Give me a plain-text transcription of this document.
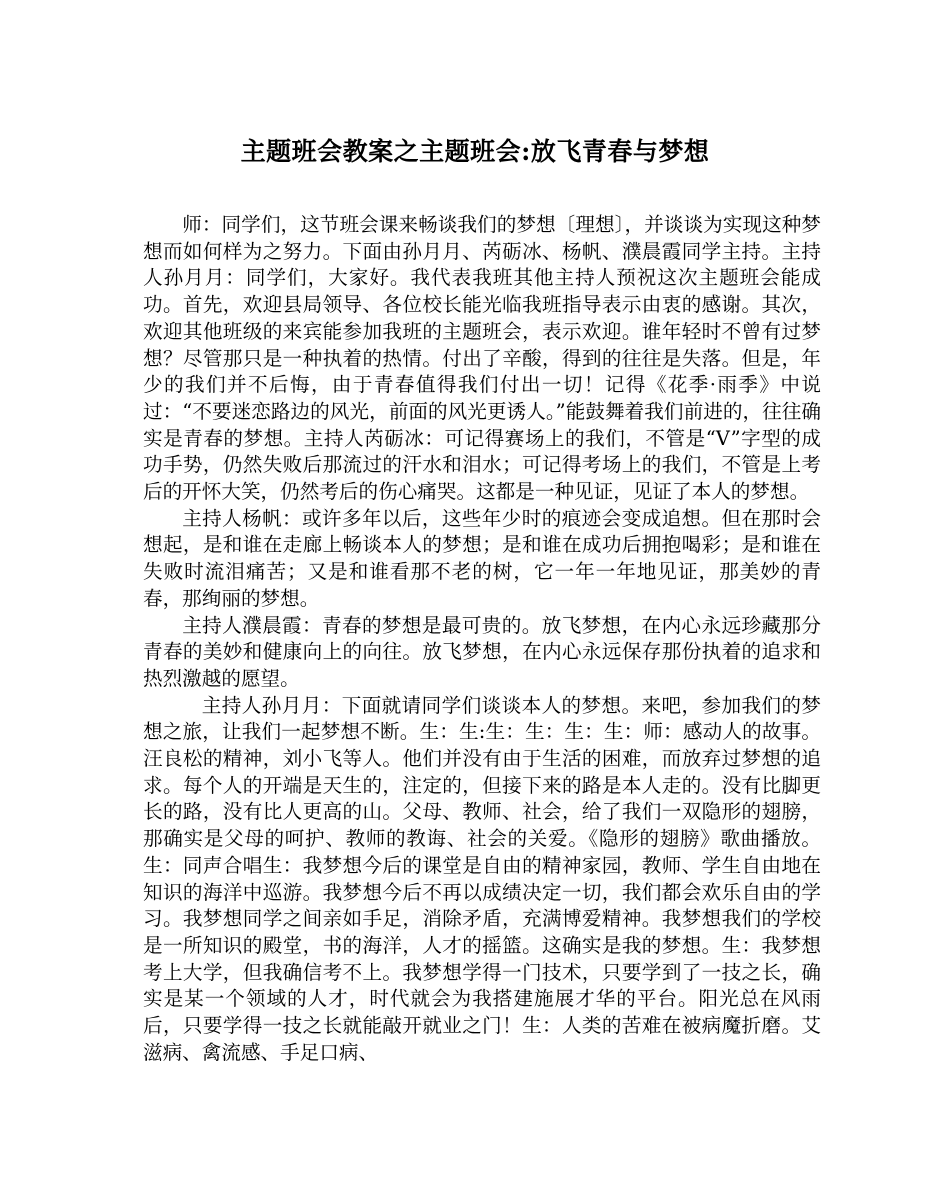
主题班会教案之主题班会:放飞青春与梦想

师：同学们，这节班会课来畅谈我们的梦想〔理想〕，并谈谈为实现这种梦想而如何样为之努力。下面由孙月月、芮砺冰、杨帆、濮晨霞同学主持。主持人孙月月：同学们，大家好。我代表我班其他主持人预祝这次主题班会能成功。首先，欢迎县局领导、各位校长能光临我班指导表示由衷的感谢。其次，欢迎其他班级的来宾能参加我班的主题班会，表示欢迎。谁年轻时不曾有过梦想？尽管那只是一种执着的热情。付出了辛酸，得到的往往是失落。但是，年少的我们并不后悔，由于青春值得我们付出一切！记得《花季·雨季》中说过：“不要迷恋路边的风光，前面的风光更诱人。”能鼓舞着我们前进的，往往确实是青春的梦想。主持人芮砺冰：可记得赛场上的我们，不管是“V”字型的成功手势，仍然失败后那流过的汗水和泪水；可记得考场上的我们，不管是上考后的开怀大笑，仍然考后的伤心痛哭。这都是一种见证，见证了本人的梦想。

主持人杨帆：或许多年以后，这些年少时的痕迹会变成追想。但在那时会想起，是和谁在走廊上畅谈本人的梦想；是和谁在成功后拥抱喝彩；是和谁在失败时流泪痛苦；又是和谁看那不老的树，它一年一年地见证，那美妙的青春，那绚丽的梦想。

主持人濮晨霞：青春的梦想是最可贵的。放飞梦想，在内心永远珍藏那分青春的美妙和健康向上的向往。放飞梦想，在内心永远保存那份执着的追求和热烈激越的愿望。

主持人孙月月：下面就请同学们谈谈本人的梦想。来吧，参加我们的梦想之旅，让我们一起梦想不断。生：生:生：生：生：生：师：感动人的故事。汪良松的精神，刘小飞等人。他们并没有由于生活的困难，而放弃过梦想的追求。每个人的开端是天生的，注定的，但接下来的路是本人走的。没有比脚更长的路，没有比人更高的山。父母、教师、社会，给了我们一双隐形的翅膀，那确实是父母的呵护、教师的教诲、社会的关爱。《隐形的翅膀》歌曲播放。生：同声合唱生：我梦想今后的课堂是自由的精神家园，教师、学生自由地在知识的海洋中巡游。我梦想今后不再以成绩决定一切，我们都会欢乐自由的学习。我梦想同学之间亲如手足，消除矛盾，充满博爱精神。我梦想我们的学校是一所知识的殿堂，书的海洋，人才的摇篮。这确实是我的梦想。生：我梦想考上大学，但我确信考不上。我梦想学得一门技术，只要学到了一技之长，确实是某一个领域的人才，时代就会为我搭建施展才华的平台。阳光总在风雨后，只要学得一技之长就能敲开就业之门！生：人类的苦难在被病魔折磨。艾滋病、禽流感、手足口病、
